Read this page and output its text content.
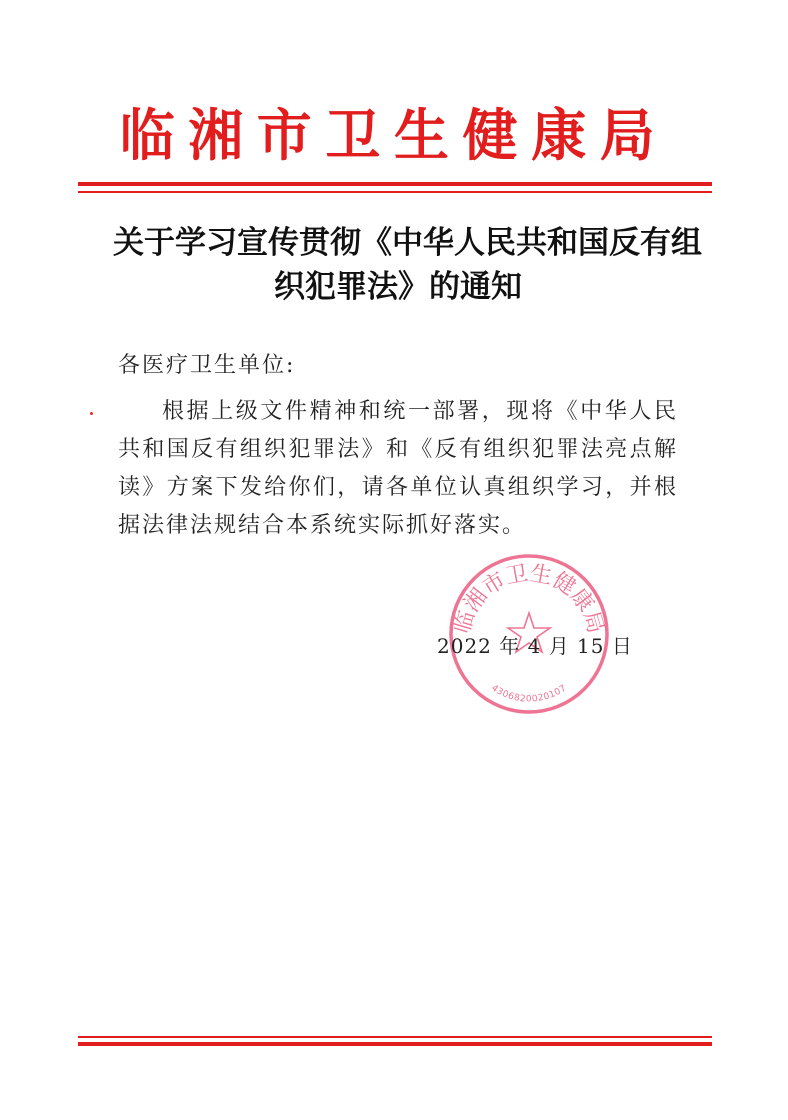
临湘市卫生健康局
关于学习宣传贯彻《中华人民共和国反有组
织犯罪法》的通知
各医疗卫生单位:
根据上级文件精神和统一部署，现将《中华人民共和国反有组织犯罪法》和《反有组织犯罪法亮点解读》方案下发给你们，请各单位认真组织学习，并根据法律法规结合本系统实际抓好落实。
临湘市卫生健康局
4306820020107
2022 年 4 月 15 日
